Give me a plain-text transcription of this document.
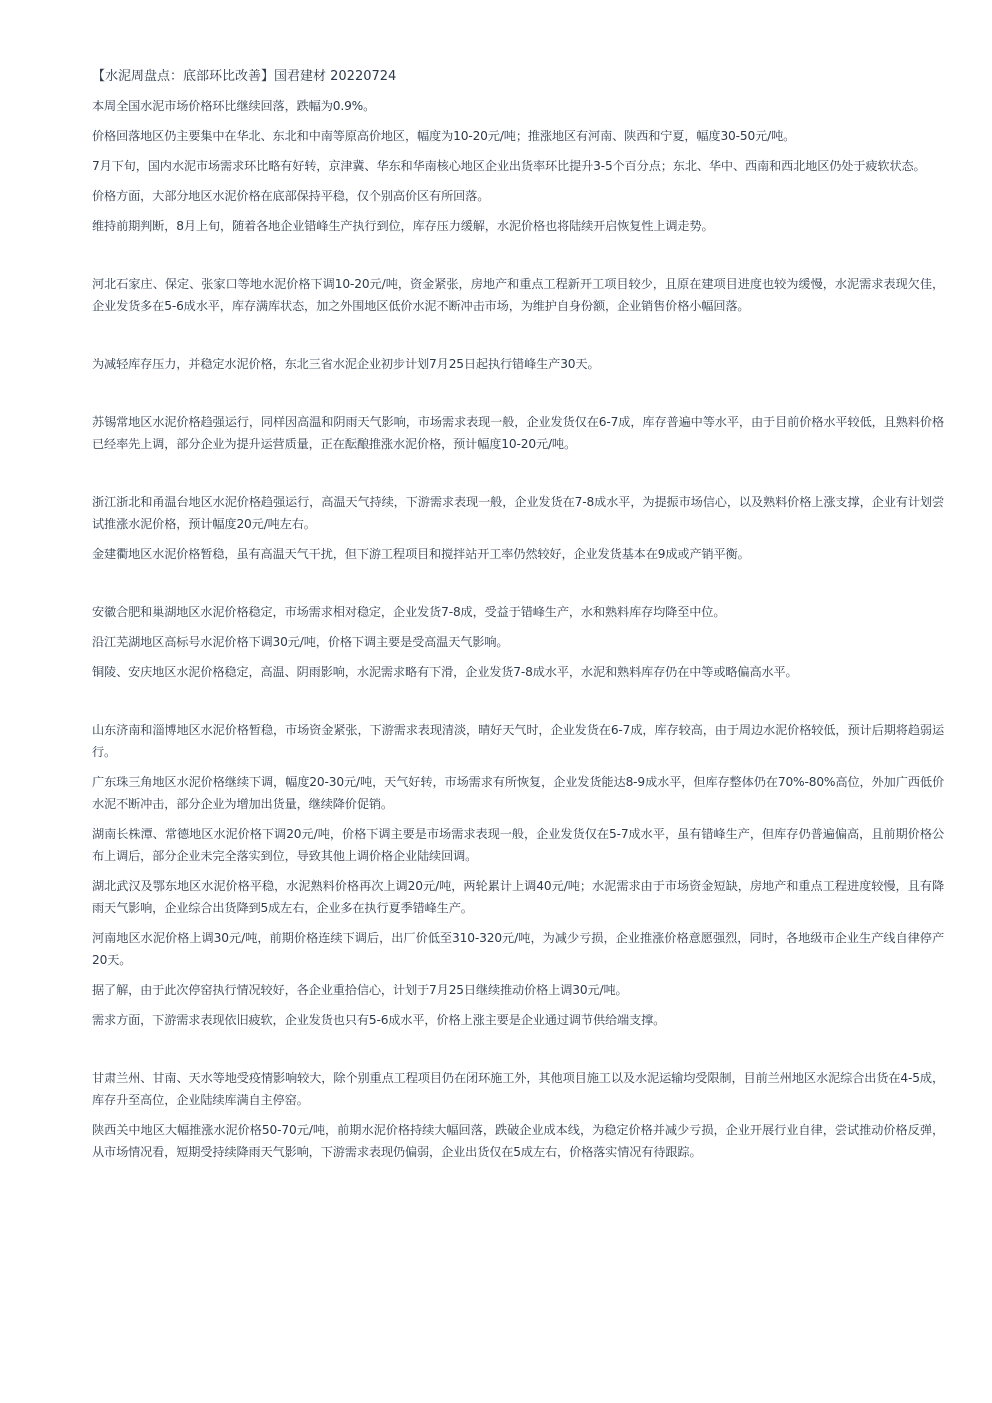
【水泥周盘点：底部环比改善】国君建材 20220724
本周全国水泥市场价格环比继续回落，跌幅为0.9%。
价格回落地区仍主要集中在华北、东北和中南等原高价地区，幅度为10-20元/吨；推涨地区有河南、陕西和宁夏，幅度30-50元/吨。
7月下旬，国内水泥市场需求环比略有好转，京津冀、华东和华南核心地区企业出货率环比提升3-5个百分点；东北、华中、西南和西北地区仍处于疲软状态。
价格方面，大部分地区水泥价格在底部保持平稳，仅个别高价区有所回落。
维持前期判断，8月上旬，随着各地企业错峰生产执行到位，库存压力缓解，水泥价格也将陆续开启恢复性上调走势。
河北石家庄、保定、张家口等地水泥价格下调10-20元/吨，资金紧张，房地产和重点工程新开工项目较少，且原在建项目进度也较为缓慢，水泥需求表现欠佳，企业发货多在5-6成水平，库存满库状态，加之外围地区低价水泥不断冲击市场，为维护自身份额，企业销售价格小幅回落。
为减轻库存压力，并稳定水泥价格，东北三省水泥企业初步计划7月25日起执行错峰生产30天。
苏锡常地区水泥价格趋强运行，同样因高温和阴雨天气影响，市场需求表现一般，企业发货仅在6-7成，库存普遍中等水平，由于目前价格水平较低，且熟料价格已经率先上调，部分企业为提升运营质量，正在酝酿推涨水泥价格，预计幅度10-20元/吨。
浙江浙北和甬温台地区水泥价格趋强运行，高温天气持续，下游需求表现一般，企业发货在7-8成水平，为提振市场信心，以及熟料价格上涨支撑，企业有计划尝试推涨水泥价格，预计幅度20元/吨左右。
金建衢地区水泥价格暂稳，虽有高温天气干扰，但下游工程项目和搅拌站开工率仍然较好，企业发货基本在9成或产销平衡。
安徽合肥和巢湖地区水泥价格稳定，市场需求相对稳定，企业发货7-8成，受益于错峰生产，水和熟料库存均降至中位。
沿江芜湖地区高标号水泥价格下调30元/吨，价格下调主要是受高温天气影响。
铜陵、安庆地区水泥价格稳定，高温、阴雨影响，水泥需求略有下滑，企业发货7-8成水平，水泥和熟料库存仍在中等或略偏高水平。
山东济南和淄博地区水泥价格暂稳，市场资金紧张，下游需求表现清淡，晴好天气时，企业发货在6-7成，库存较高，由于周边水泥价格较低，预计后期将趋弱运行。
广东珠三角地区水泥价格继续下调，幅度20-30元/吨，天气好转，市场需求有所恢复，企业发货能达8-9成水平，但库存整体仍在70%-80%高位，外加广西低价水泥不断冲击，部分企业为增加出货量，继续降价促销。
湖南长株潭、常德地区水泥价格下调20元/吨，价格下调主要是市场需求表现一般，企业发货仅在5-7成水平，虽有错峰生产，但库存仍普遍偏高，且前期价格公布上调后，部分企业未完全落实到位，导致其他上调价格企业陆续回调。
湖北武汉及鄂东地区水泥价格平稳，水泥熟料价格再次上调20元/吨，两轮累计上调40元/吨；水泥需求由于市场资金短缺，房地产和重点工程进度较慢，且有降雨天气影响，企业综合出货降到5成左右，企业多在执行夏季错峰生产。
河南地区水泥价格上调30元/吨，前期价格连续下调后，出厂价低至310-320元/吨，为减少亏损，企业推涨价格意愿强烈，同时，各地级市企业生产线自律停产20天。
据了解，由于此次停窑执行情况较好，各企业重拾信心，计划于7月25日继续推动价格上调30元/吨。
需求方面，下游需求表现依旧疲软，企业发货也只有5-6成水平，价格上涨主要是企业通过调节供给端支撑。
甘肃兰州、甘南、天水等地受疫情影响较大，除个别重点工程项目仍在闭环施工外，其他项目施工以及水泥运输均受限制，目前兰州地区水泥综合出货在4-5成，库存升至高位，企业陆续库满自主停窑。
陕西关中地区大幅推涨水泥价格50-70元/吨，前期水泥价格持续大幅回落，跌破企业成本线，为稳定价格并减少亏损，企业开展行业自律，尝试推动价格反弹，从市场情况看，短期受持续降雨天气影响，下游需求表现仍偏弱，企业出货仅在5成左右，价格落实情况有待跟踪。
